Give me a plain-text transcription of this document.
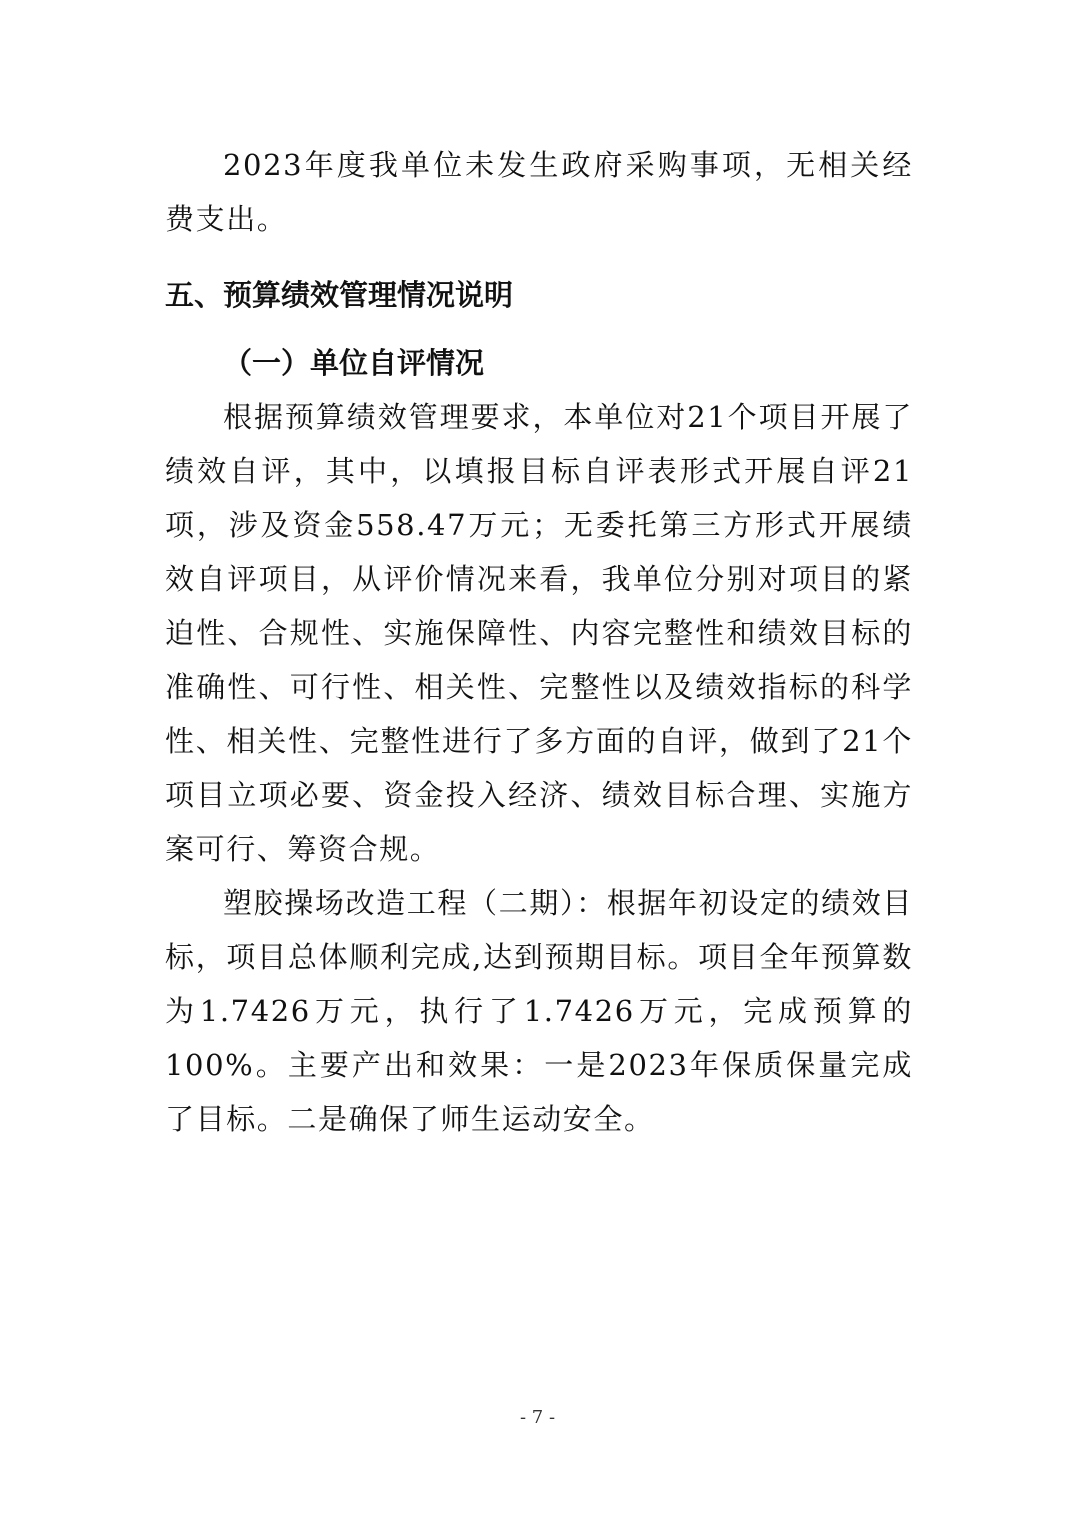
2023年度我单位未发生政府采购事项，无相关经费支出。

五、预算绩效管理情况说明
（一）单位自评情况

根据预算绩效管理要求，本单位对21个项目开展了绩效自评，其中，以填报目标自评表形式开展自评21项，涉及资金558.47万元；无委托第三方形式开展绩效自评项目，从评价情况来看，我单位分别对项目的紧迫性、合规性、实施保障性、内容完整性和绩效目标的准确性、可行性、相关性、完整性以及绩效指标的科学性、相关性、完整性进行了多方面的自评，做到了21个项目立项必要、资金投入经济、绩效目标合理、实施方案可行、筹资合规。

塑胶操场改造工程（二期）：根据年初设定的绩效目标，项目总体顺利完成,达到预期目标。项目全年预算数为1.7426万元，执行了1.7426万元，完成预算的100%。主要产出和效果：一是2023年保质保量完成了目标。二是确保了师生运动安全。

- 7 -
